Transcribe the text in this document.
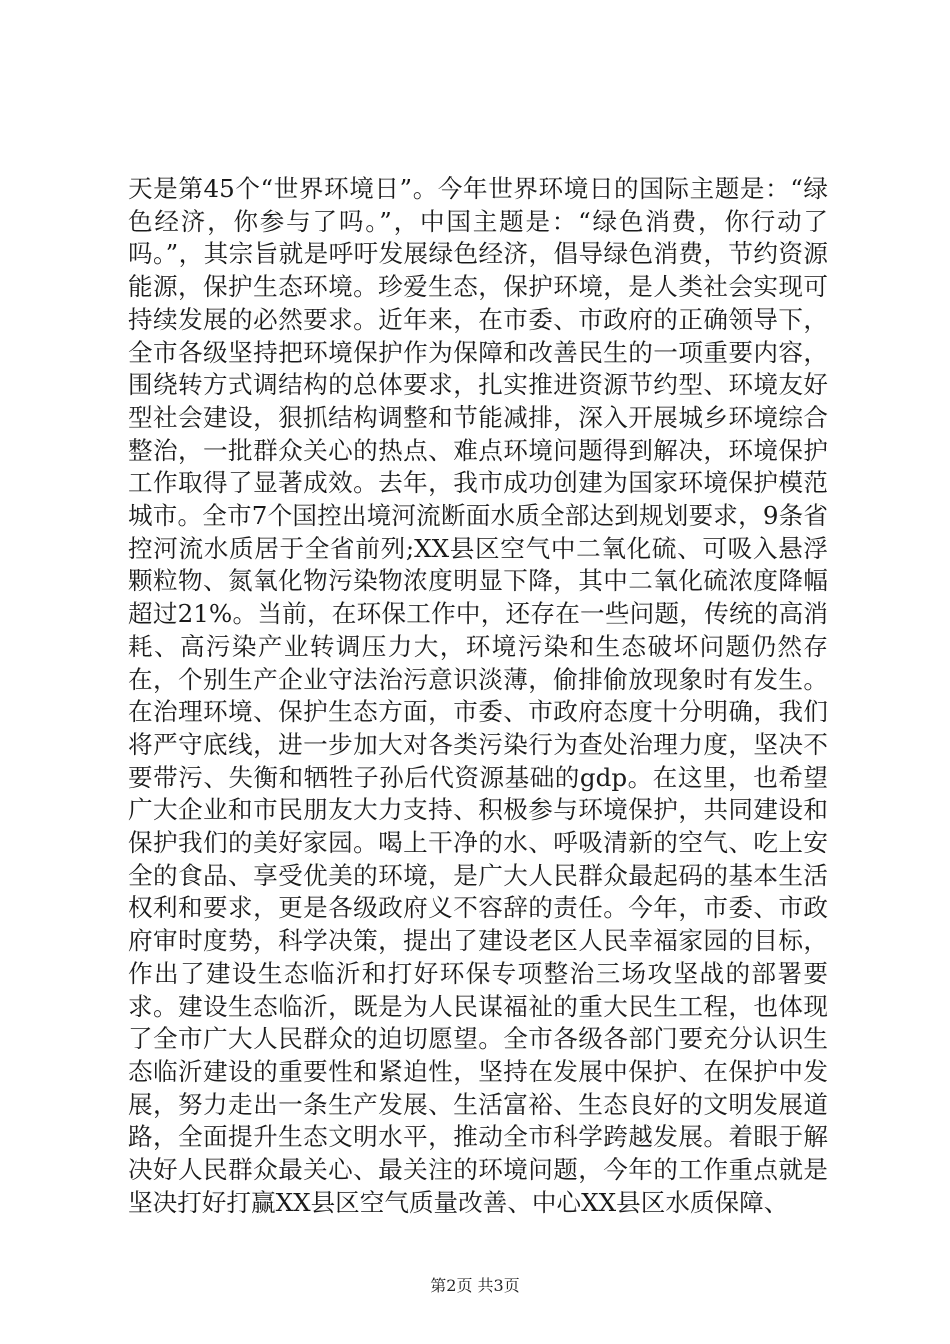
天是第45个“世界环境日”。今年世界环境日的国际主题是：“绿色经济，你参与了吗。”，中国主题是：“绿色消费，你行动了吗。”，其宗旨就是呼吁发展绿色经济，倡导绿色消费，节约资源能源，保护生态环境。珍爱生态，保护环境，是人类社会实现可持续发展的必然要求。近年来，在市委、市政府的正确领导下，全市各级坚持把环境保护作为保障和改善民生的一项重要内容，围绕转方式调结构的总体要求，扎实推进资源节约型、环境友好型社会建设，狠抓结构调整和节能减排，深入开展城乡环境综合整治，一批群众关心的热点、难点环境问题得到解决，环境保护工作取得了显著成效。去年，我市成功创建为国家环境保护模范城市。全市7个国控出境河流断面水质全部达到规划要求，9条省控河流水质居于全省前列;XX县区空气中二氧化硫、可吸入悬浮颗粒物、氮氧化物污染物浓度明显下降，其中二氧化硫浓度降幅超过21%。当前，在环保工作中，还存在一些问题，传统的高消耗、高污染产业转调压力大，环境污染和生态破坏问题仍然存在，个别生产企业守法治污意识淡薄，偷排偷放现象时有发生。在治理环境、保护生态方面，市委、市政府态度十分明确，我们将严守底线，进一步加大对各类污染行为查处治理力度，坚决不要带污、失衡和牺牲子孙后代资源基础的gdp。在这里，也希望广大企业和市民朋友大力支持、积极参与环境保护，共同建设和保护我们的美好家园。喝上干净的水、呼吸清新的空气、吃上安全的食品、享受优美的环境，是广大人民群众最起码的基本生活权利和要求，更是各级政府义不容辞的责任。今年，市委、市政府审时度势，科学决策，提出了建设老区人民幸福家园的目标，作出了建设生态临沂和打好环保专项整治三场攻坚战的部署要求。建设生态临沂，既是为人民谋福祉的重大民生工程，也体现了全市广大人民群众的迫切愿望。全市各级各部门要充分认识生态临沂建设的重要性和紧迫性，坚持在发展中保护、在保护中发展，努力走出一条生产发展、生活富裕、生态良好的文明发展道路，全面提升生态文明水平，推动全市科学跨越发展。着眼于解决好人民群众最关心、最关注的环境问题，今年的工作重点就是坚决打好打赢XX县区空气质量改善、中心XX县区水质保障、

第2页 共3页
